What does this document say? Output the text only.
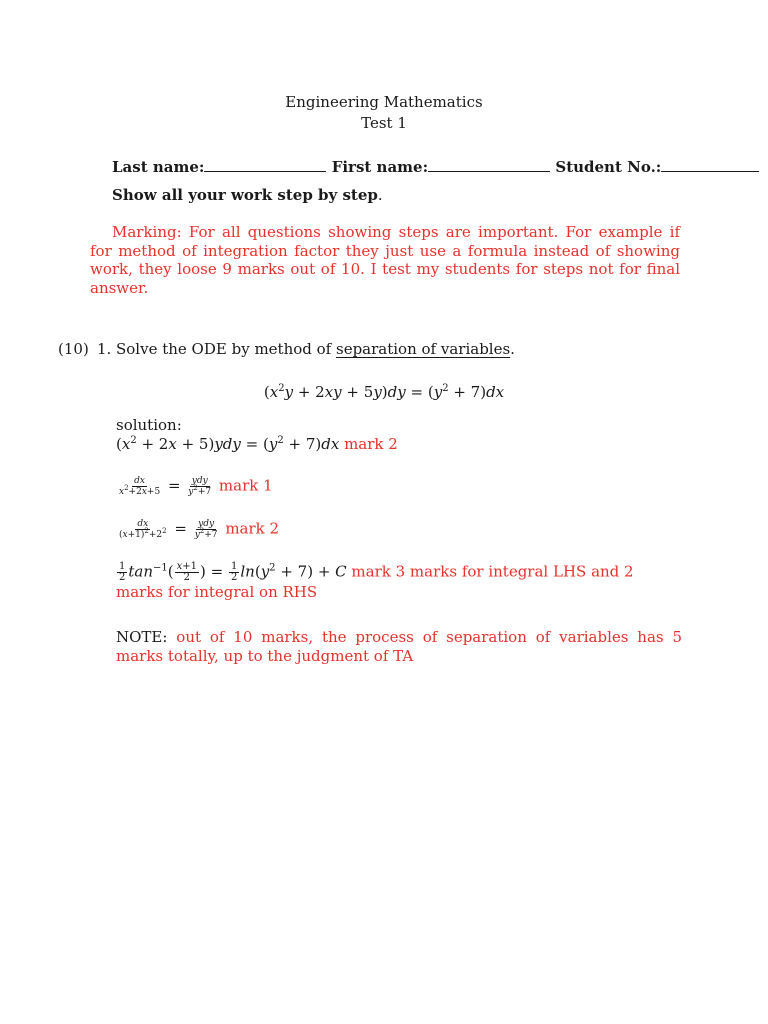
Engineering Mathematics
Test 1
Last name:	First name:	Student No.:
Show all your work step by step.
Marking: For all questions showing steps are important. For example if for method of integration factor they just use a formula instead of showing work, they loose 9 marks out of 10. I test my students for steps not for final answer.
(10) 1. Solve the ODE by method of separation of variables.
$(x^2y + 2xy + 5y)dy = (y^2 + 7)dx$
solution:
$(x^2 + 2x + 5)ydy = (y^2 + 7)dx$ mark 2
$\frac{dx}{x^2+2x+5} = \frac{\text{ydy}}{y^2+7}$ mark 1
$\frac{dx}{(x+1)^2+2^2} = \frac{\text{ydy}}{y^2+7}$ mark 2
$\frac{1}{2} \tan^{-1}( \frac{x+1}{2}$ ) = $\frac{1}{2} \ln(y^2 + 7) + C$ mark 3 marks for integral LHS and 2 marks for integral on RHS
NOTE: out of 10 marks, the process of separation of variables has 5 marks totally, up to the judgment of TA
